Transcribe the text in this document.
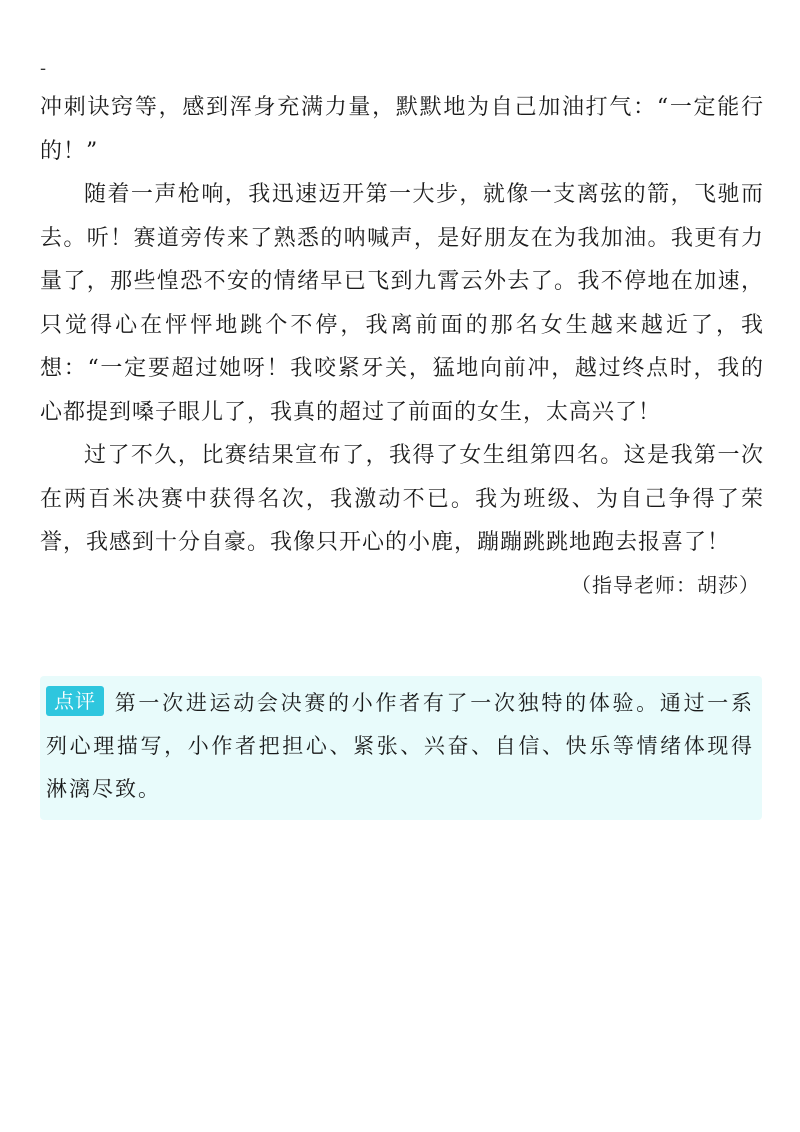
-

冲刺诀窍等，感到浑身充满力量，默默地为自己加油打气：“一定能行的！”

随着一声枪响，我迅速迈开第一大步，就像一支离弦的箭，飞驰而去。听！赛道旁传来了熟悉的呐喊声，是好朋友在为我加油。我更有力量了，那些惶恐不安的情绪早已飞到九霄云外去了。我不停地在加速，只觉得心在怦怦地跳个不停，我离前面的那名女生越来越近了，我想：“一定要超过她呀！我咬紧牙关，猛地向前冲，越过终点时，我的心都提到嗓子眼儿了，我真的超过了前面的女生，太高兴了！

过了不久，比赛结果宣布了，我得了女生组第四名。这是我第一次在两百米决赛中获得名次，我激动不已。我为班级、为自己争得了荣誉，我感到十分自豪。我像只开心的小鹿，蹦蹦跳跳地跑去报喜了！

（指导老师：胡莎）

点评 第一次进运动会决赛的小作者有了一次独特的体验。通过一系列心理描写，小作者把担心、紧张、兴奋、自信、快乐等情绪体现得淋漓尽致。
